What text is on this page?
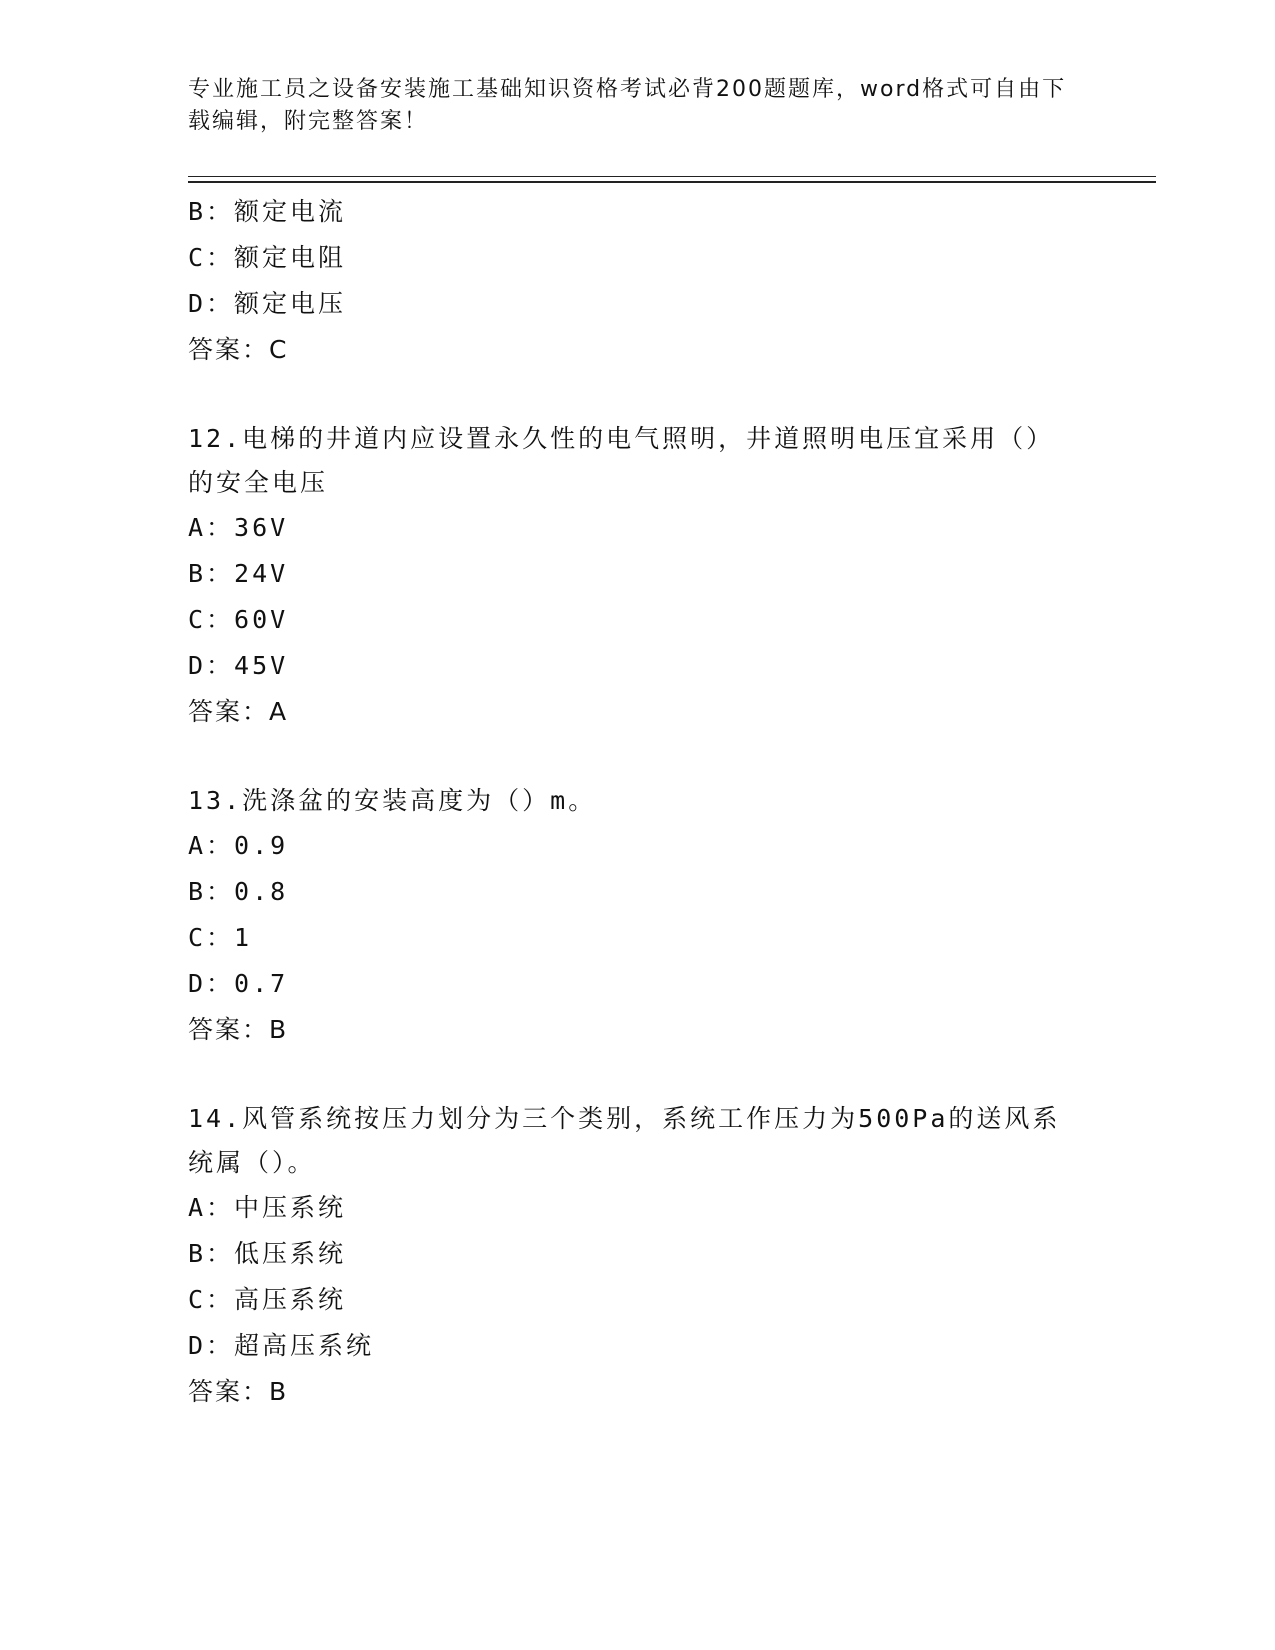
专业施工员之设备安装施工基础知识资格考试必背200题题库，word格式可自由下载编辑，附完整答案！
B：额定电流
C：额定电阻
D：额定电压
答案：C
12.电梯的井道内应设置永久性的电气照明，井道照明电压宜采用（）的安全电压
A：36V
B：24V
C：60V
D：45V
答案：A
13.洗涤盆的安装高度为（）m。
A：0.9
B：0.8
C：1
D：0.7
答案：B
14.风管系统按压力划分为三个类别，系统工作压力为500Pa的送风系统属（）。
A：中压系统
B：低压系统
C：高压系统
D：超高压系统
答案：B
